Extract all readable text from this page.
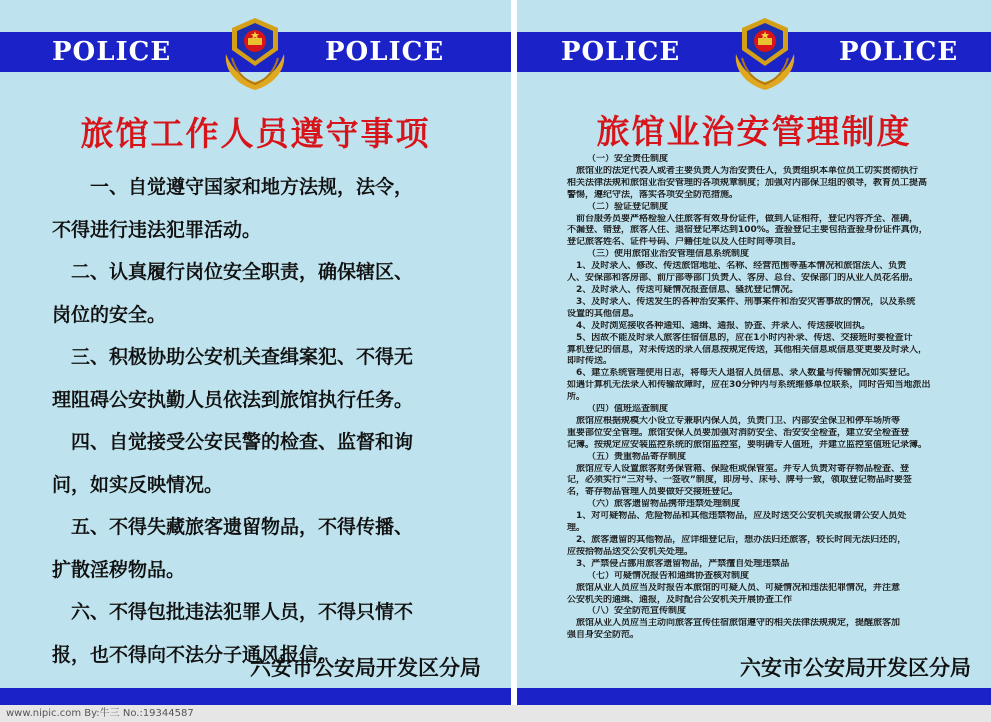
POLICE	POLICE
旅馆工作人员遵守事项
　　一、自觉遵守国家和地方法规，法令，
不得进行违法犯罪活动。
　二、认真履行岗位安全职责，确保辖区、
岗位的安全。
　三、积极协助公安机关查缉案犯、不得无
理阻碍公安执勤人员依法到旅馆执行任务。
　四、自觉接受公安民警的检查、监督和询
问，如实反映情况。
　五、不得失藏旅客遗留物品，不得传播、
扩散淫秽物品。
　六、不得包批违法犯罪人员，不得只情不
报，也不得向不法分子通风报信。
六安市公安局开发区分局
POLICE	POLICE
旅馆业治安管理制度
（一）安全责任制度
　旅馆业的法定代表人或者主要负责人为治安责任人，负责组织本单位员工切实贯彻执行
相关法律法规和旅馆业治安管理的各项规章制度；加强对内部保卫组的领导，教育员工提高
警惕，遵纪守法，落实各项安全防范措施。
（二）验证登记制度
　前台服务员要严格检验入住旅客有效身份证件，做到人证相符，登记内容齐全、准确，
不漏登、错登，旅客入住、退宿登记率达到100%。查验登记主要包括查验身份证件真伪，
登记旅客姓名、证件号码、户籍住址以及入住时间等项目。
（三）使用旅馆业治安管理信息系统制度
　1、及时录入、修改、传送旅馆地址、名称、经营范围等基本情况和旅馆法人、负责
人、安保部和客房部、前厅部等部门负责人、客房、总台、安保部门的从业人员花名册。
　2、及时录入、传送可疑情况报查信息、骚扰登记情况。
　3、及时录入、传送发生的各种治安案件、刑事案件和治安灾害事故的情况，以及系统
设置的其他信息。
　4、及时浏览接收各种通知、通缉、通报、协查、并录入、传送接收回执。
　5、因故不能及时录入旅客住宿信息的，应在1小时内补录、传送、交接班时要检查计
算机登记的信息，对未传送的录入信息按规定传送，其他相关信息或信息变更要及时录入，
即时传送。
　6、建立系统管理使用日志，将每天人退宿人员信息、录入数量与传输情况如实登记。
如遇计算机无法录入和传输故障时，应在30分钟内与系统维修单位联系，同时告知当地派出
所。
（四）值班巡查制度
　旅馆应根据规模大小设立专兼职内保人员，负责门卫、内部安全保卫和停车场所等
重要部位安全管理。旅馆安保人员要加强对消防安全、治安安全检查，建立安全检查登
记簿。按规定应安装监控系统的旅馆监控室，要明确专人值班，并建立监控室值班记录簿。
（五）贵重物品寄存制度
　旅馆应专人设置旅客财务保管箱、保险柜或保管室。并专人负责对寄存物品检查、登
记，必须实行“三对号、一签收”制度，即房号、床号、牌号一致，领取登记物品时要签
名，寄存物品管理人员要做好交接班登记。
（六）旅客遗留物品携带违禁处理制度
　1、对可疑物品、危险物品和其他违禁物品，应及时送交公安机关或报请公安人员处
理。
　2、旅客遗留的其他物品，应详细登记后，想办法归还旅客，较长时间无法归还的，
应按拾物品送交公安机关处理。
　3、严禁侵占挪用旅客遗留物品，严禁擅自处理违禁品
（七）可疑情况报告和通缉协查核对制度
　旅馆从业人员应当及时报告本旅馆的可疑人员、可疑情况和违法犯罪情况，并注意
公安机关的通缉、通报，及时配合公安机关开展协查工作
（八）安全防范宣传制度
　旅馆从业人员应当主动向旅客宣传住宿旅馆遵守的相关法律法规规定，提醒旅客加
强自身安全防范。
六安市公安局开发区分局
www.nipic.com By:牛三 No.:19344587
